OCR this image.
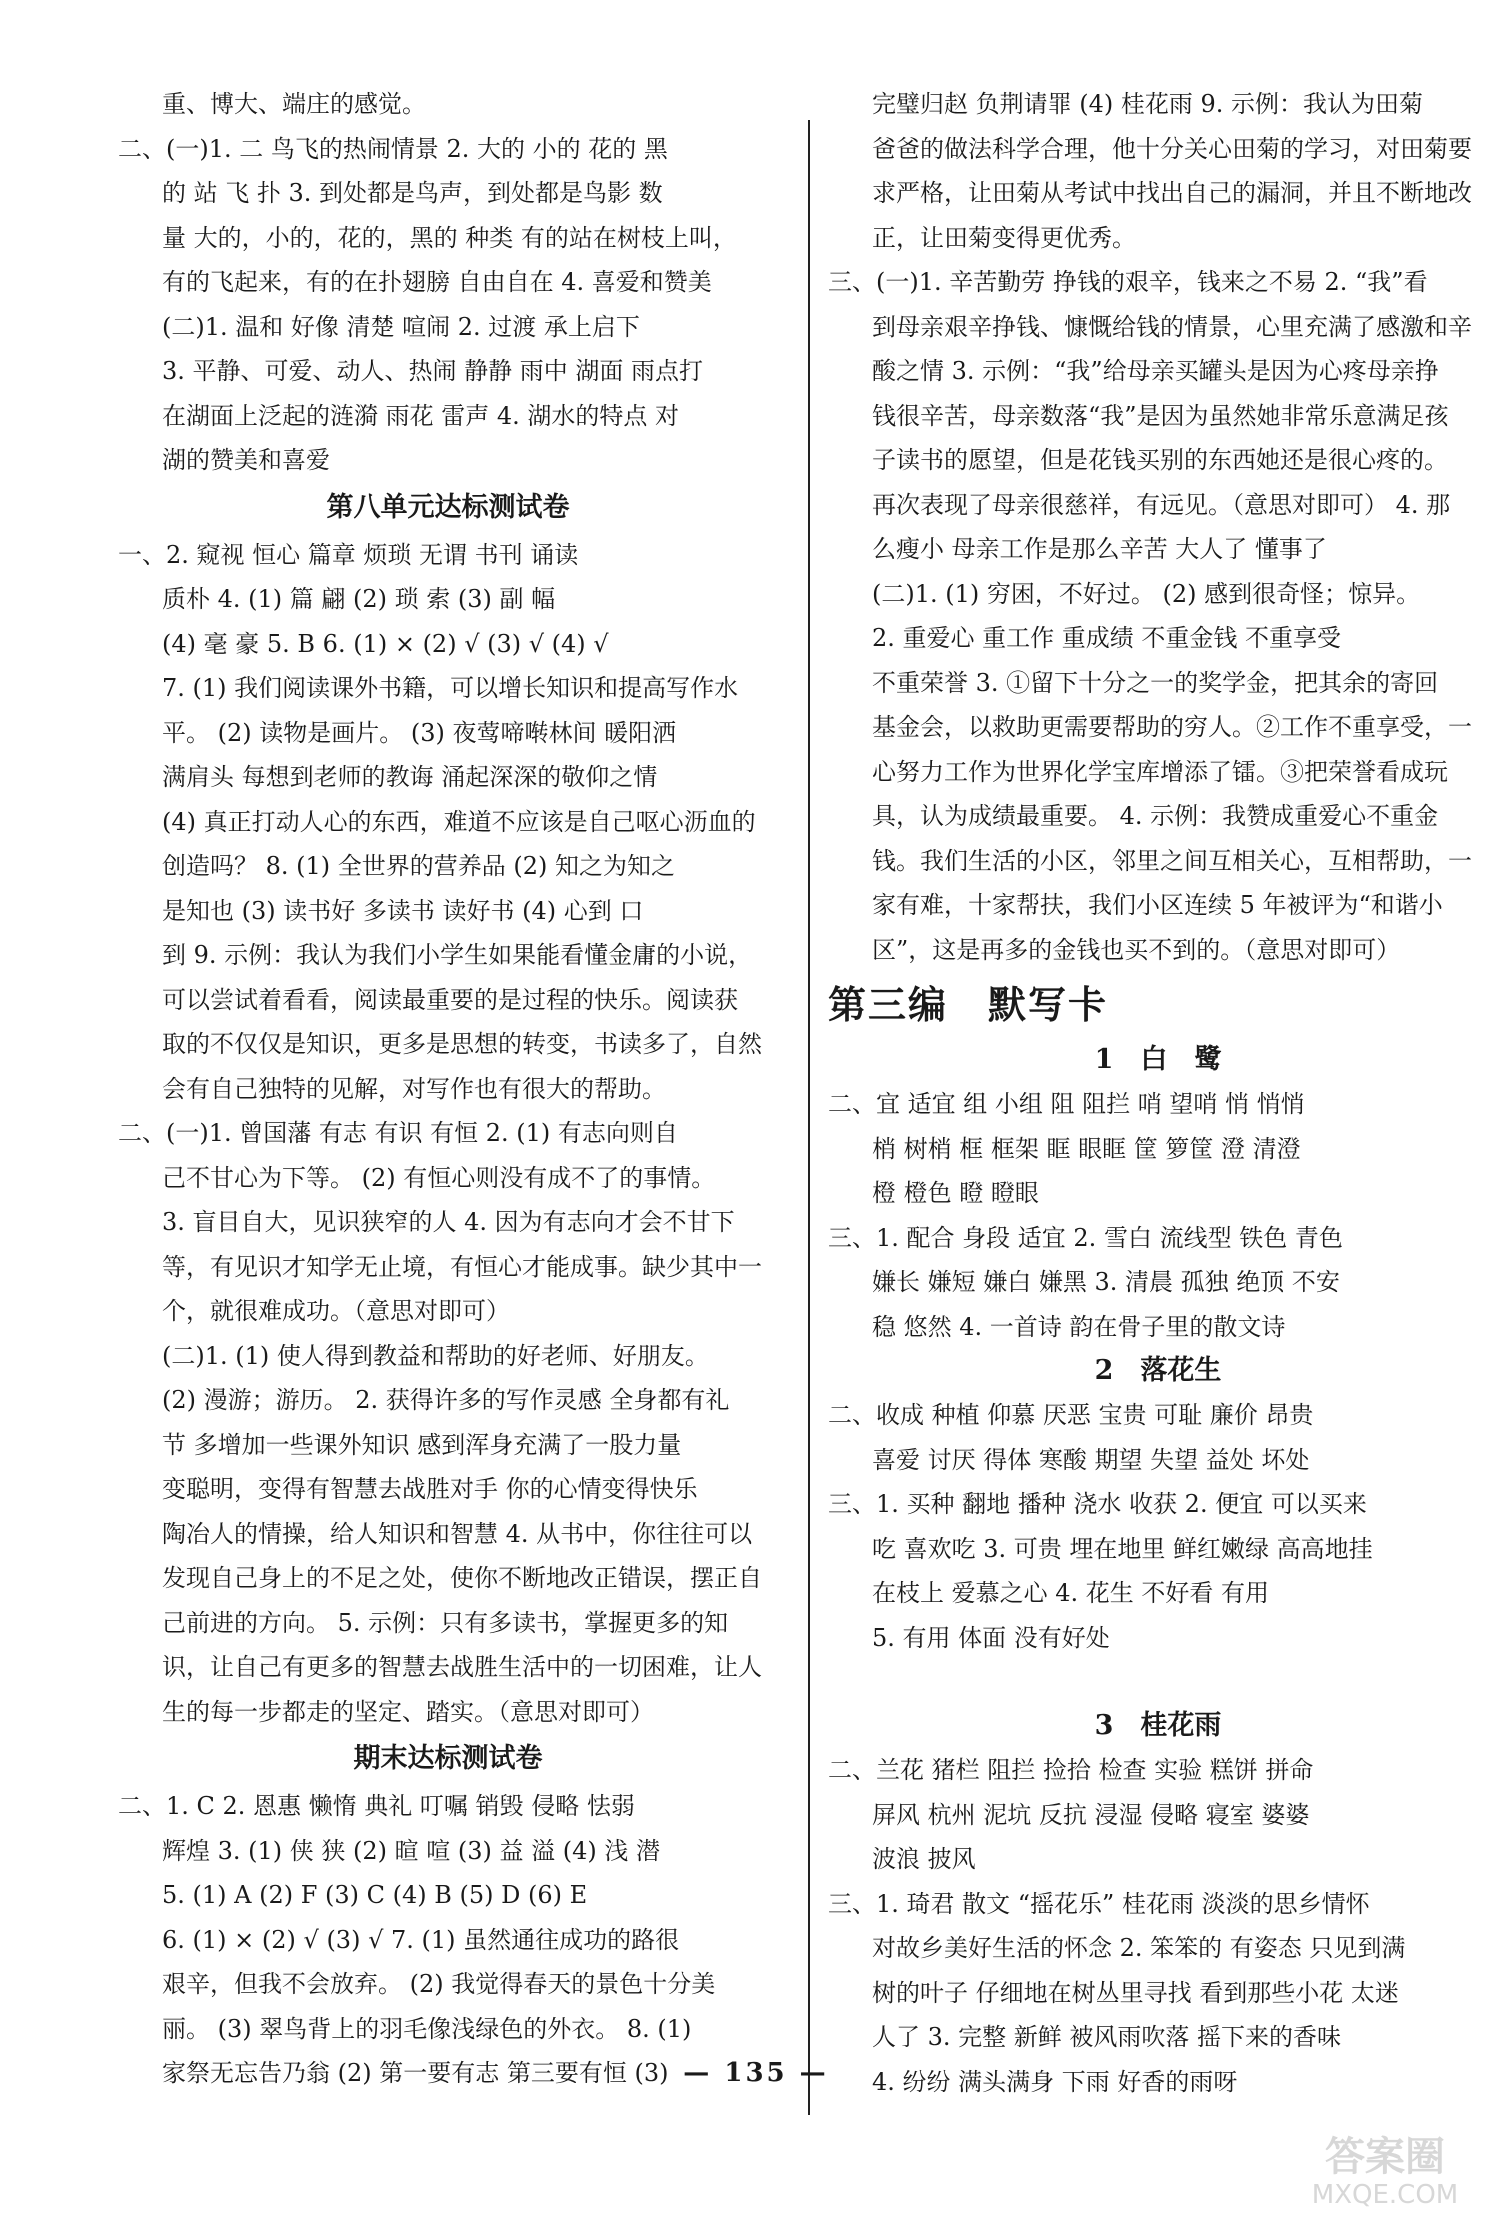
重、博大、端庄的感觉。
二、(一)1. 二 鸟飞的热闹情景 2. 大的 小的 花的 黑
的 站 飞 扑 3. 到处都是鸟声，到处都是鸟影 数
量 大的，小的，花的，黑的 种类 有的站在树枝上叫，
有的飞起来，有的在扑翅膀 自由自在 4. 喜爱和赞美
(二)1. 温和 好像 清楚 喧闹 2. 过渡 承上启下
3. 平静、可爱、动人、热闹 静静 雨中 湖面 雨点打
在湖面上泛起的涟漪 雨花 雷声 4. 湖水的特点 对
湖的赞美和喜爱
第八单元达标测试卷
一、2. 窥视 恒心 篇章 烦琐 无谓 书刊 诵读
质朴 4. (1) 篇 翩 (2) 琐 索 (3) 副 幅
(4) 毫 豪 5. B 6. (1) × (2) √ (3) √ (4) √
7. (1) 我们阅读课外书籍，可以增长知识和提高写作水
平。 (2) 读物是画片。 (3) 夜莺啼啭林间 暖阳洒
满肩头 每想到老师的教诲 涌起深深的敬仰之情
(4) 真正打动人心的东西，难道不应该是自己呕心沥血的
创造吗？ 8. (1) 全世界的营养品 (2) 知之为知之
是知也 (3) 读书好 多读书 读好书 (4) 心到 口
到 9. 示例：我认为我们小学生如果能看懂金庸的小说，
可以尝试着看看，阅读最重要的是过程的快乐。阅读获
取的不仅仅是知识，更多是思想的转变，书读多了，自然
会有自己独特的见解，对写作也有很大的帮助。
二、(一)1. 曾国藩 有志 有识 有恒 2. (1) 有志向则自
己不甘心为下等。 (2) 有恒心则没有成不了的事情。
3. 盲目自大，见识狭窄的人 4. 因为有志向才会不甘下
等，有见识才知学无止境，有恒心才能成事。缺少其中一
个，就很难成功。（意思对即可）
(二)1. (1) 使人得到教益和帮助的好老师、好朋友。
(2) 漫游；游历。 2. 获得许多的写作灵感 全身都有礼
节 多增加一些课外知识 感到浑身充满了一股力量
变聪明，变得有智慧去战胜对手 你的心情变得快乐
陶冶人的情操，给人知识和智慧 4. 从书中，你往往可以
发现自己身上的不足之处，使你不断地改正错误，摆正自
己前进的方向。 5. 示例：只有多读书，掌握更多的知
识，让自己有更多的智慧去战胜生活中的一切困难，让人
生的每一步都走的坚定、踏实。（意思对即可）
期末达标测试卷
二、1. C 2. 恩惠 懒惰 典礼 叮嘱 销毁 侵略 怯弱
辉煌 3. (1) 侠 狭 (2) 暄 喧 (3) 益 溢 (4) 浅 潜
5. (1) A (2) F (3) C (4) B (5) D (6) E
6. (1) × (2) √ (3) √ 7. (1) 虽然通往成功的路很
艰辛，但我不会放弃。 (2) 我觉得春天的景色十分美
丽。 (3) 翠鸟背上的羽毛像浅绿色的外衣。 8. (1)
家祭无忘告乃翁 (2) 第一要有志 第三要有恒 (3)
完璧归赵 负荆请罪 (4) 桂花雨 9. 示例：我认为田菊
爸爸的做法科学合理，他十分关心田菊的学习，对田菊要
求严格，让田菊从考试中找出自己的漏洞，并且不断地改
正，让田菊变得更优秀。
三、(一)1. 辛苦勤劳 挣钱的艰辛，钱来之不易 2. “我”看
到母亲艰辛挣钱、慷慨给钱的情景，心里充满了感激和辛
酸之情 3. 示例：“我”给母亲买罐头是因为心疼母亲挣
钱很辛苦，母亲数落“我”是因为虽然她非常乐意满足孩
子读书的愿望，但是花钱买别的东西她还是很心疼的。
再次表现了母亲很慈祥，有远见。（意思对即可） 4. 那
么瘦小 母亲工作是那么辛苦 大人了 懂事了
(二)1. (1) 穷困，不好过。 (2) 感到很奇怪；惊异。
2. 重爱心 重工作 重成绩 不重金钱 不重享受
不重荣誉 3. ①留下十分之一的奖学金，把其余的寄回
基金会，以救助更需要帮助的穷人。②工作不重享受，一
心努力工作为世界化学宝库增添了镭。③把荣誉看成玩
具，认为成绩最重要。 4. 示例：我赞成重爱心不重金
钱。我们生活的小区，邻里之间互相关心，互相帮助，一
家有难，十家帮扶，我们小区连续 5 年被评为“和谐小
区”，这是再多的金钱也买不到的。（意思对即可）
第三编　默写卡
1　白　鹭
二、宜 适宜 组 小组 阻 阻拦 哨 望哨 悄 悄悄
梢 树梢 框 框架 眶 眼眶 筐 箩筐 澄 清澄
橙 橙色 瞪 瞪眼
三、1. 配合 身段 适宜 2. 雪白 流线型 铁色 青色
嫌长 嫌短 嫌白 嫌黑 3. 清晨 孤独 绝顶 不安
稳 悠然 4. 一首诗 韵在骨子里的散文诗
2　落花生
二、收成 种植 仰慕 厌恶 宝贵 可耻 廉价 昂贵
喜爱 讨厌 得体 寒酸 期望 失望 益处 坏处
三、1. 买种 翻地 播种 浇水 收获 2. 便宜 可以买来
吃 喜欢吃 3. 可贵 埋在地里 鲜红嫩绿 高高地挂
在枝上 爱慕之心 4. 花生 不好看 有用
5. 有用 体面 没有好处
3　桂花雨
二、兰花 猪栏 阻拦 捡拾 检查 实验 糕饼 拼命
屏风 杭州 泥坑 反抗 浸湿 侵略 寝室 婆婆
波浪 披风
三、1. 琦君 散文 “摇花乐” 桂花雨 淡淡的思乡情怀
对故乡美好生活的怀念 2. 笨笨的 有姿态 只见到满
树的叶子 仔细地在树丛里寻找 看到那些小花 太迷
人了 3. 完整 新鲜 被风雨吹落 摇下来的香味
4. 纷纷 满头满身 下雨 好香的雨呀
— 135 —
答案圈
MXQE.COM
